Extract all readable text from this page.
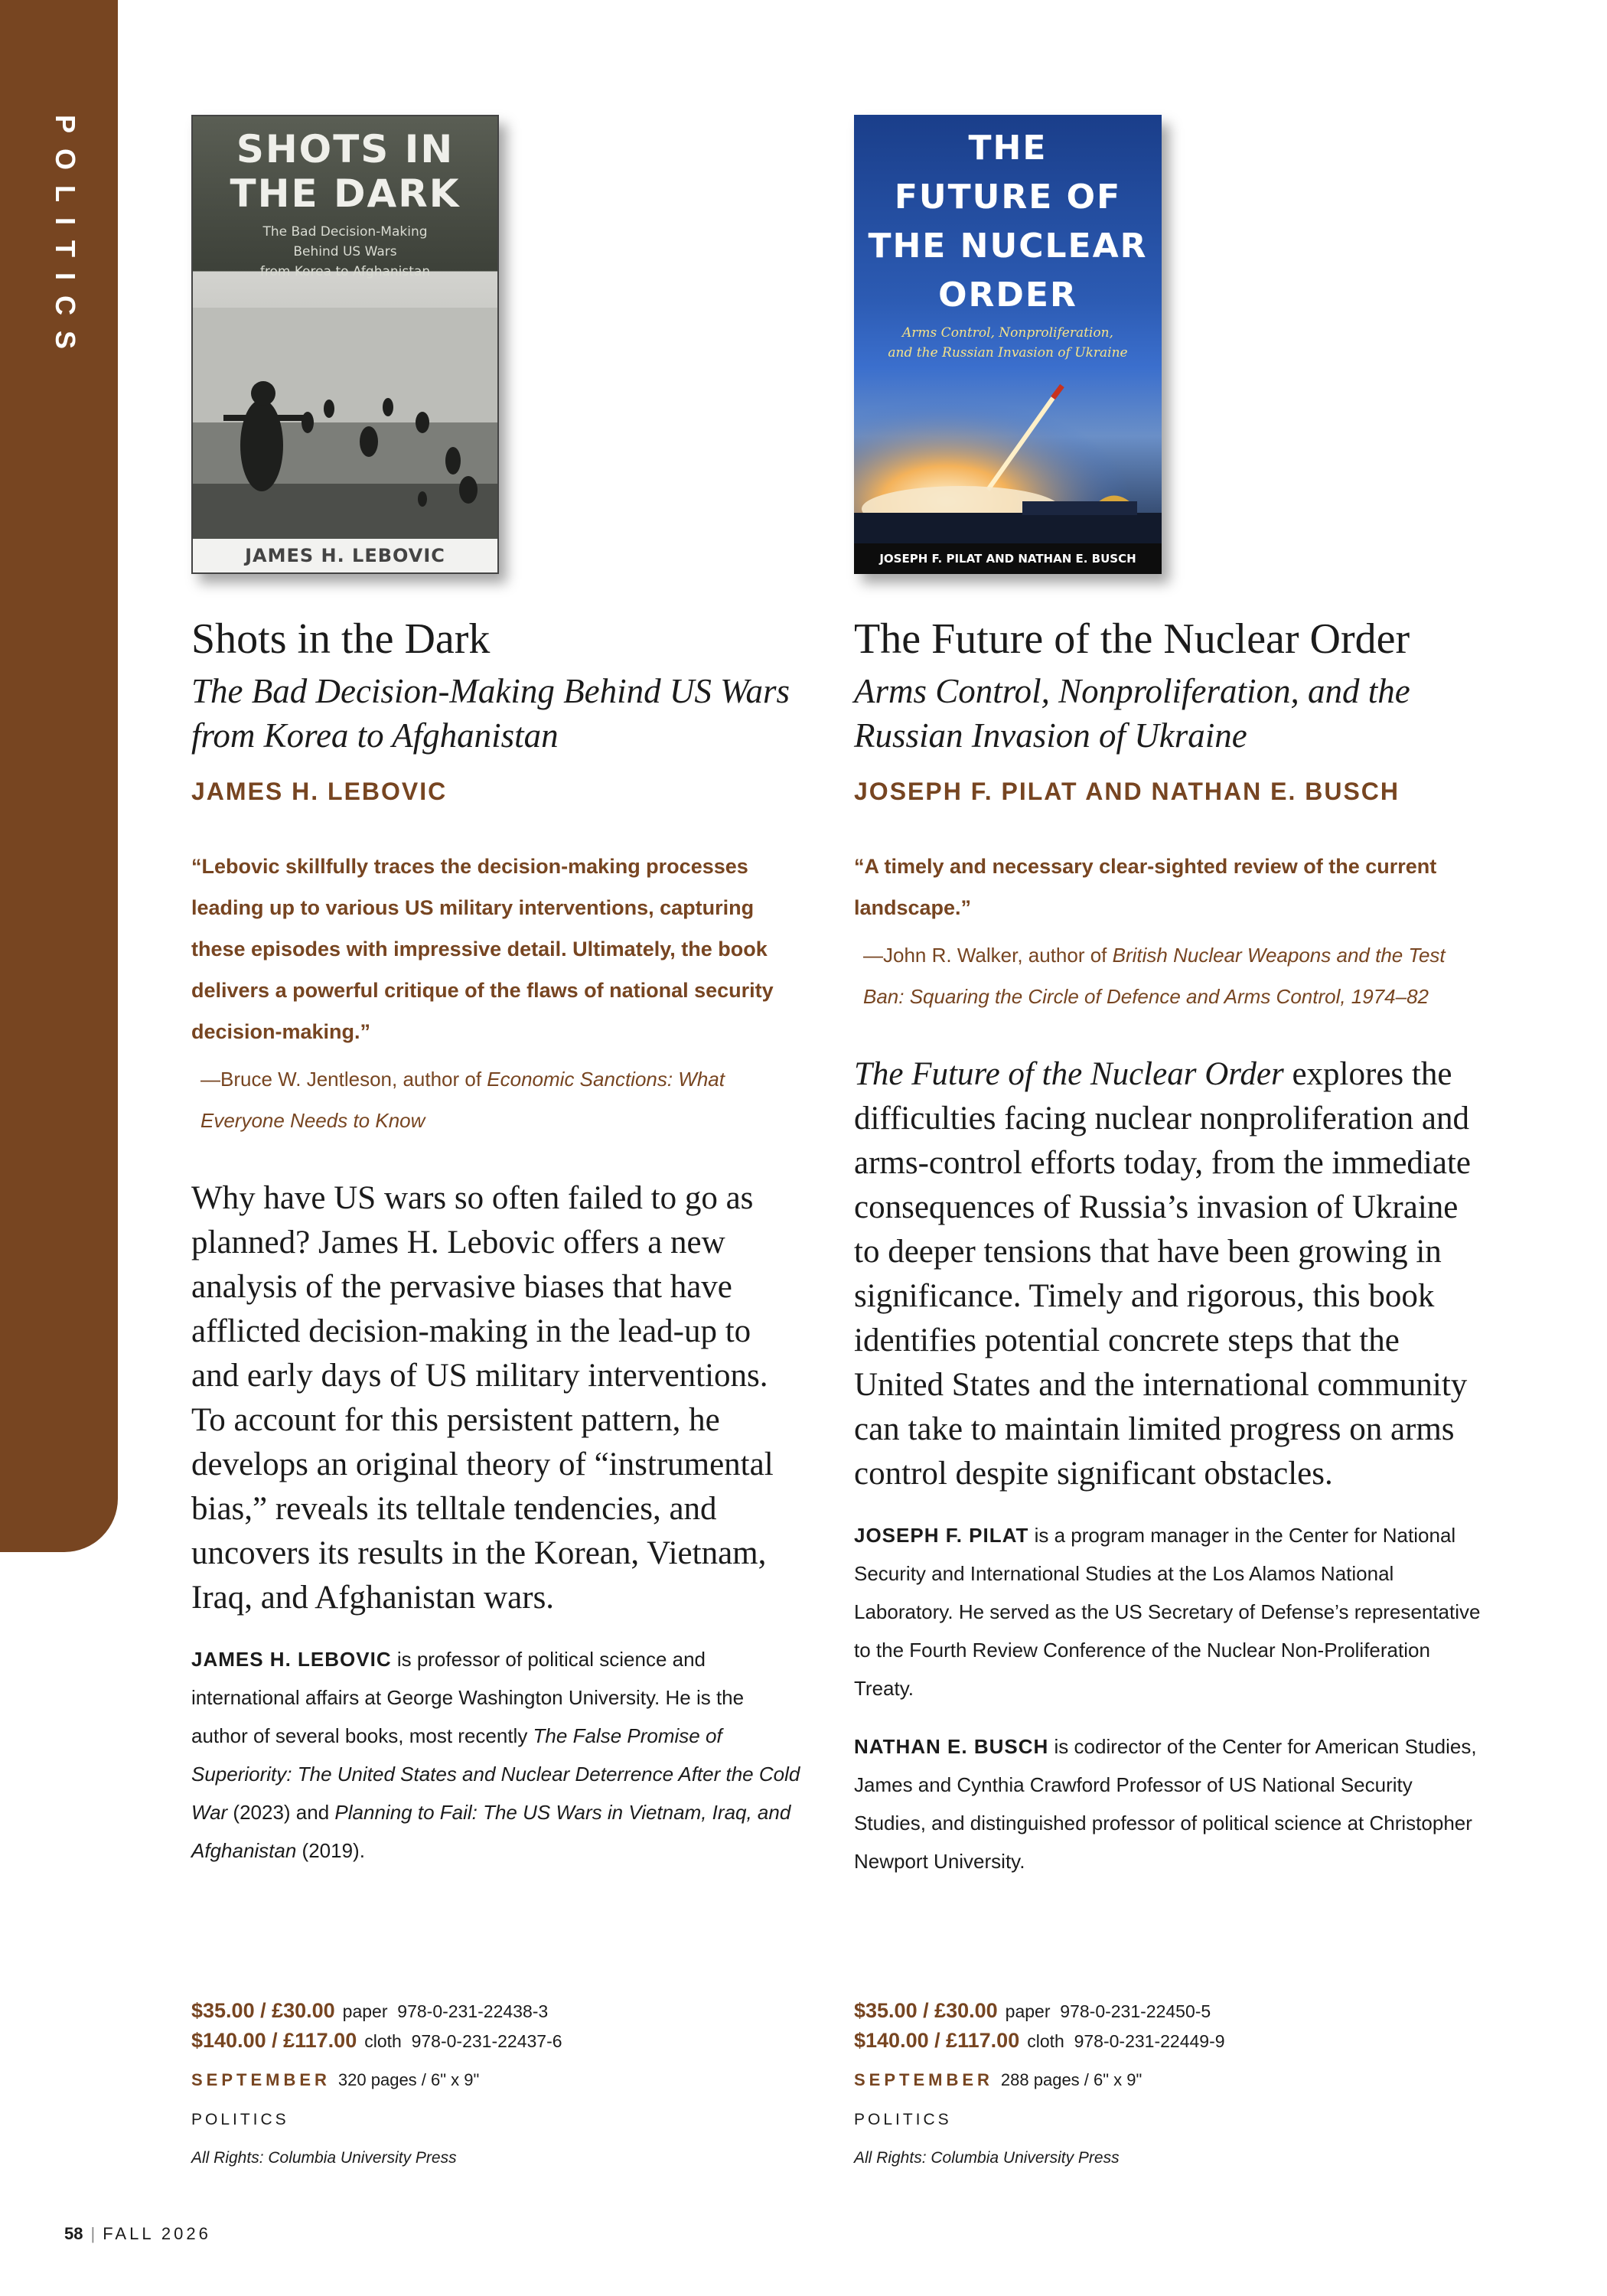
POLITICS	SHOTS IN
THE DARK
The Bad Decision-Making
Behind US Wars
from Korea to Afghanistan
JAMES H. LEBOVIC
Shots in the Dark
The Bad Decision-Making Behind US Wars from Korea to Afghanistan
JAMES H. LEBOVIC
“Lebovic skillfully traces the decision-making processes leading up to various US military interventions, capturing these episodes with impressive detail. Ultimately, the book delivers a powerful critique of the flaws of national security decision-making.”
—Bruce W. Jentleson, author of Economic Sanctions: What Everyone Needs to Know
Why have US wars so often failed to go as planned? James H. Lebovic offers a new analysis of the pervasive biases that have afflicted decision-making in the lead-up to and early days of US military interventions. To account for this persistent pattern, he develops an original theory of “instrumental bias,” reveals its telltale tendencies, and uncovers its results in the Korean, Vietnam, Iraq, and Afghanistan wars.
JAMES H. LEBOVIC is professor of political science and international affairs at George Washington University. He is the author of several books, most recently The False Promise of Superiority: The United States and Nuclear Deterrence After the Cold War (2023) and Planning to Fail: The US Wars in Vietnam, Iraq, and Afghanistan (2019).
THE
FUTURE OF
THE NUCLEAR
ORDER
Arms Control, Nonproliferation,
and the Russian Invasion of Ukraine
JOSEPH F. PILAT AND NATHAN E. BUSCH
The Future of the Nuclear Order
Arms Control, Nonproliferation, and the Russian Invasion of Ukraine
JOSEPH F. PILAT AND NATHAN E. BUSCH
“A timely and necessary clear-sighted review of the current landscape.”
—John R. Walker, author of British Nuclear Weapons and the Test Ban: Squaring the Circle of Defence and Arms Control, 1974–82
The Future of the Nuclear Order explores the difficulties facing nuclear nonproliferation and arms-control efforts today, from the immediate consequences of Russia’s invasion of Ukraine to deeper tensions that have been growing in significance. Timely and rigorous, this book identifies potential concrete steps that the United States and the international community can take to maintain limited progress on arms control despite significant obstacles.
JOSEPH F. PILAT is a program manager in the Center for National Security and International Studies at the Los Alamos National Laboratory. He served as the US Secretary of Defense’s representative to the Fourth Review Conference of the Nuclear Non-Proliferation Treaty.
NATHAN E. BUSCH is codirector of the Center for American Studies, James and Cynthia Crawford Professor of US National Security Studies, and distinguished professor of political science at Christopher Newport University.
$35.00 / £30.00 paper 978-0-231-22438-3
$140.00 / £117.00 cloth 978-0-231-22437-6
SEPTEMBER 320 pages / 6" x 9"
POLITICS
All Rights: Columbia University Press
$35.00 / £30.00 paper 978-0-231-22450-5
$140.00 / £117.00 cloth 978-0-231-22449-9
SEPTEMBER 288 pages / 6" x 9"
POLITICS
All Rights: Columbia University Press
58 | FALL 2026
